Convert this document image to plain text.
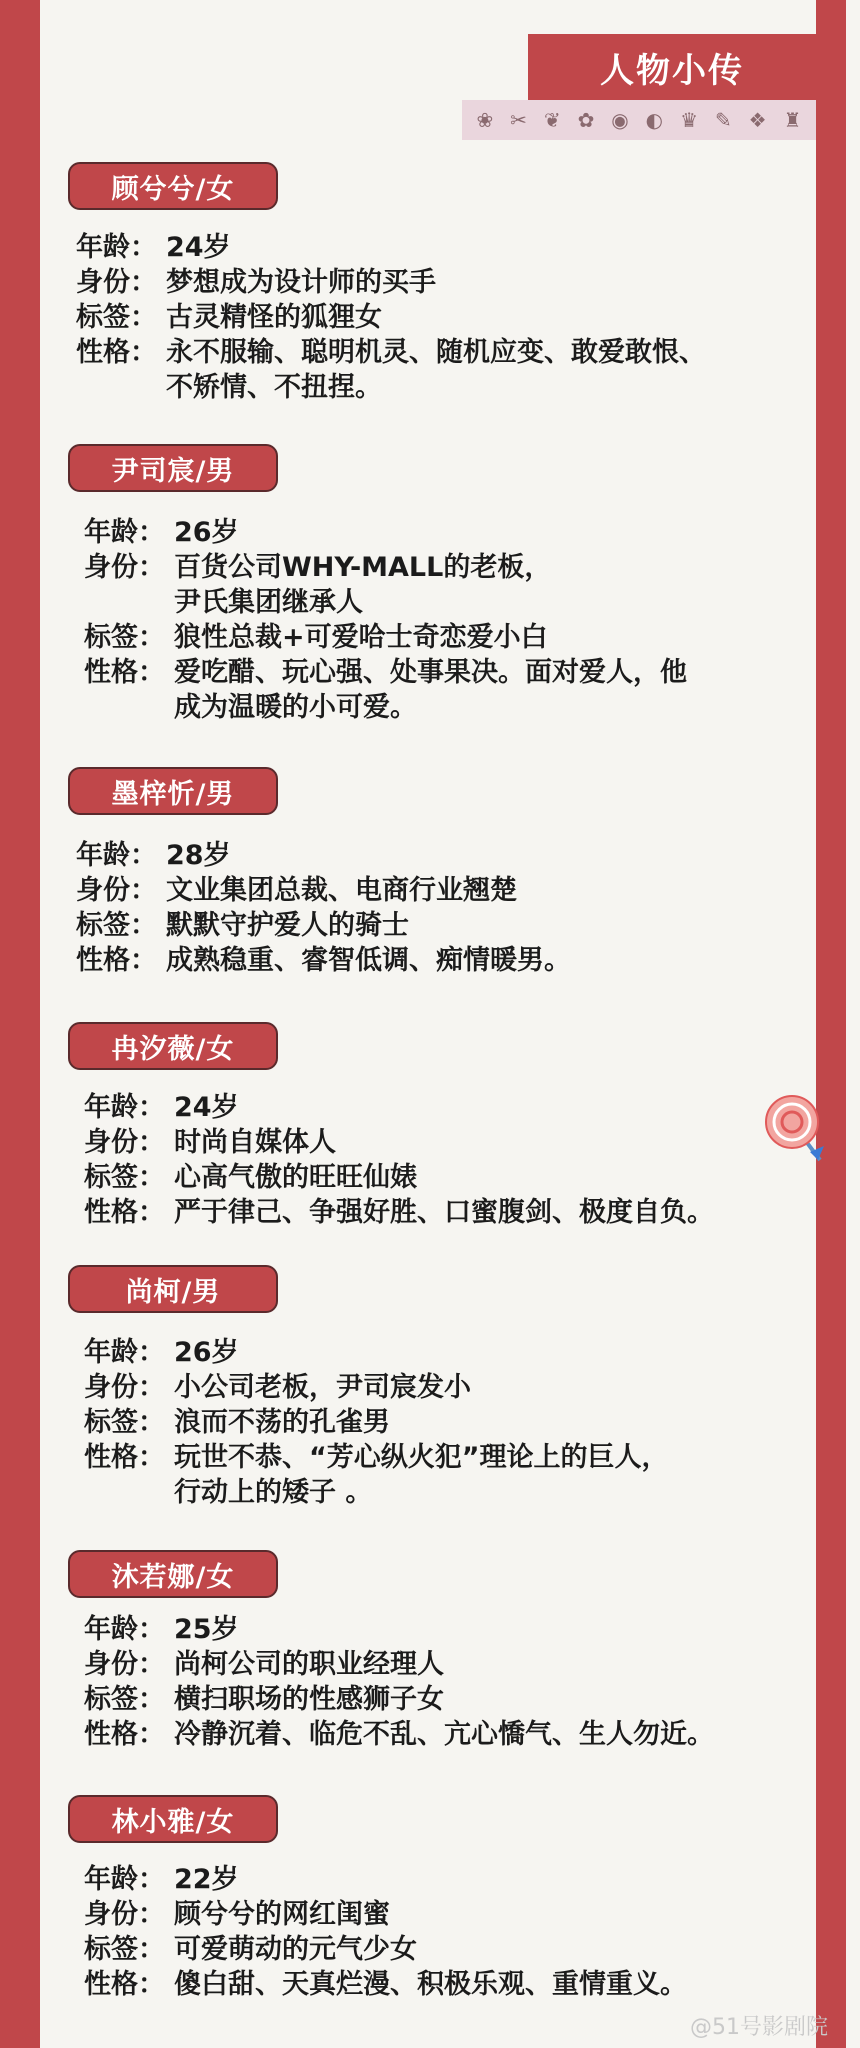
人物小传
❀ ✂ ❦ ✿ ◉ ◐ ♛ ✎ ❖ ♜
顾兮兮/女
年龄： 24岁
身份： 梦想成为设计师的买手
标签： 古灵精怪的狐狸女
性格： 永不服输、聪明机灵、随机应变、敢爱敢恨、
不矫情、不扭捏。
尹司宸/男
年龄： 26岁
身份： 百货公司WHY-MALL的老板，
尹氏集团继承人
标签： 狼性总裁+可爱哈士奇恋爱小白
性格： 爱吃醋、玩心强、处事果决。面对爱人，他
成为温暖的小可爱。
墨梓忻/男
年龄： 28岁
身份： 文业集团总裁、电商行业翘楚
标签： 默默守护爱人的骑士
性格： 成熟稳重、睿智低调、痴情暖男。
冉汐薇/女
年龄： 24岁
身份： 时尚自媒体人
标签： 心高气傲的旺旺仙婊
性格： 严于律己、争强好胜、口蜜腹剑、极度自负。
尚柯/男
年龄： 26岁
身份： 小公司老板，尹司宸发小
标签： 浪而不荡的孔雀男
性格： 玩世不恭、“芳心纵火犯”理论上的巨人，
行动上的矮子 。
沐若娜/女
年龄： 25岁
身份： 尚柯公司的职业经理人
标签： 横扫职场的性感狮子女
性格： 冷静沉着、临危不乱、亢心憍气、生人勿近。
林小雅/女
年龄： 22岁
身份： 顾兮兮的网红闺蜜
标签： 可爱萌动的元气少女
性格： 傻白甜、天真烂漫、积极乐观、重情重义。
@51号影剧院
